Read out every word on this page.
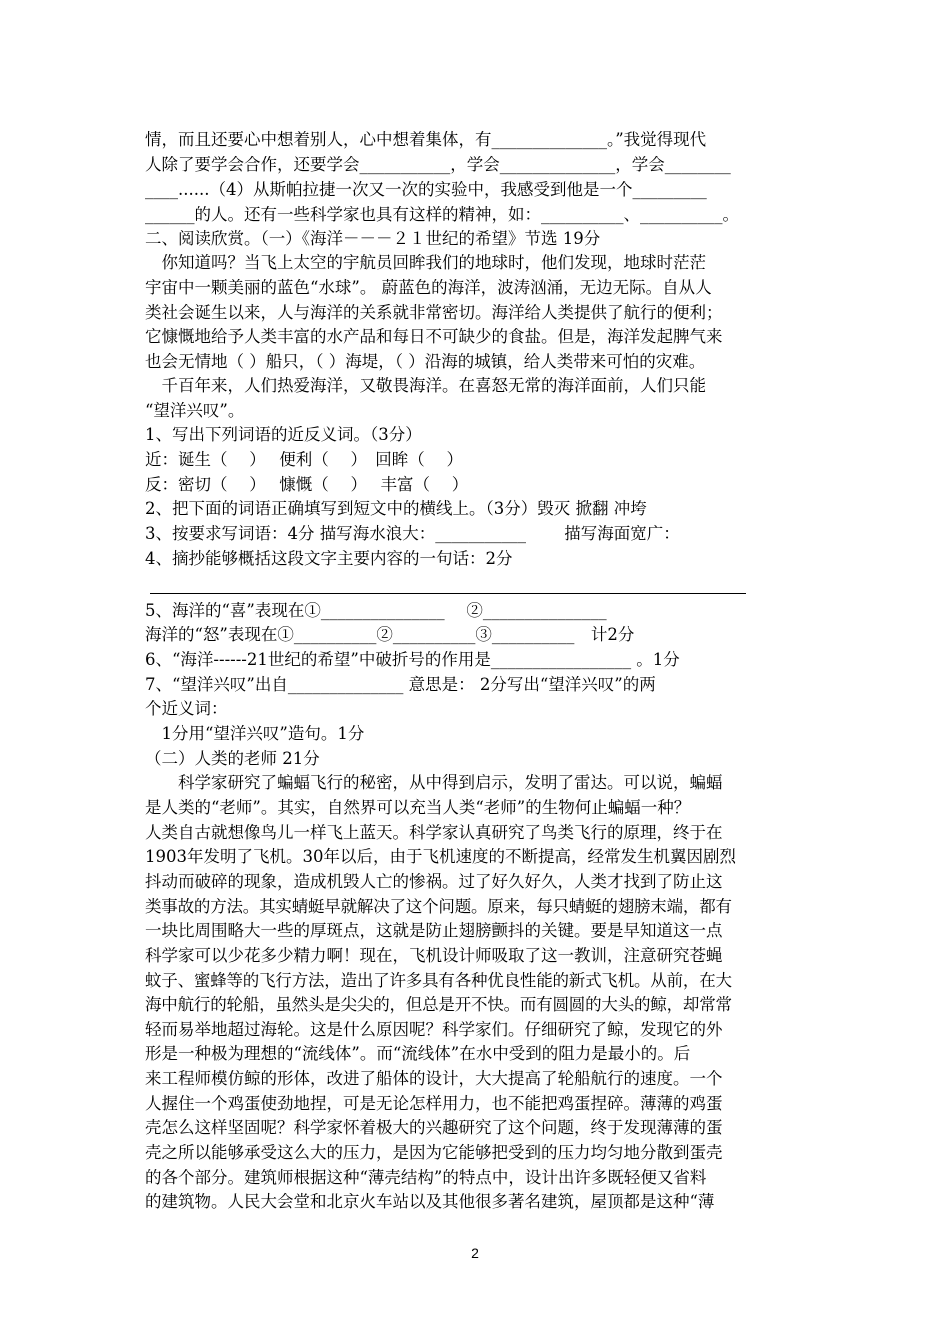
情，而且还要心中想着别人，心中想着集体，有______________。”我觉得现代
人除了要学会合作，还要学会___________，学会______________，学会________
____......（4）从斯帕拉捷一次又一次的实验中，我感受到他是一个_________
______的人。还有一些科学家也具有这样的精神，如：__________、__________。
二、阅读欣赏。（一）《海洋－－－２１世纪的希望》节选 19分
　你知道吗？当飞上太空的宇航员回眸我们的地球时，他们发现，地球时茫茫
宇宙中一颗美丽的蓝色“水球”。 蔚蓝色的海洋，波涛汹涌，无边无际。自从人
类社会诞生以来，人与海洋的关系就非常密切。海洋给人类提供了航行的便利；
它慷慨地给予人类丰富的水产品和每日不可缺少的食盐。但是，海洋发起脾气来
也会无情地（ ）船只，（ ）海堤，（ ）沿海的城镇，给人类带来可怕的灾难。
　千百年来，人们热爱海洋，又敬畏海洋。在喜怒无常的海洋面前，人们只能
“望洋兴叹”。
1、写出下列词语的近反义词。（3分）
近：诞生（　 ）　 便利（　 ）　回眸（　 ）
反：密切（　 ）　 慷慨（　 ）　 丰富（　 ）
2、把下面的词语正确填写到短文中的横线上。（3分）毁灭 掀翻 冲垮
3、按要求写词语：4分 描写海水浪大：___________　　 描写海面宽广：
4、摘抄能够概括这段文字主要内容的一句话：2分
5、海洋的“喜”表现在①_______________　 ②_______________
海洋的“怒”表现在①__________②__________③__________　计2分
6、“海洋------21世纪的希望”中破折号的作用是_________________ 。1分
7、“望洋兴叹”出自______________ 意思是： 2分写出“望洋兴叹”的两
个近义词：
　1分用“望洋兴叹”造句。1分
（二）人类的老师 21分
　　科学家研究了蝙蝠飞行的秘密，从中得到启示，发明了雷达。可以说，蝙蝠
是人类的“老师”。其实，自然界可以充当人类“老师”的生物何止蝙蝠一种？
人类自古就想像鸟儿一样飞上蓝天。科学家认真研究了鸟类飞行的原理，终于在
1903年发明了飞机。30年以后，由于飞机速度的不断提高，经常发生机翼因剧烈
抖动而破碎的现象，造成机毁人亡的惨祸。过了好久好久，人类才找到了防止这
类事故的方法。其实蜻蜓早就解决了这个问题。原来，每只蜻蜓的翅膀末端，都有
一块比周围略大一些的厚斑点，这就是防止翅膀颤抖的关键。要是早知道这一点
科学家可以少花多少精力啊！现在，飞机设计师吸取了这一教训，注意研究苍蝇
蚊子、蜜蜂等的飞行方法，造出了许多具有各种优良性能的新式飞机。从前，在大
海中航行的轮船，虽然头是尖尖的，但总是开不快。而有圆圆的大头的鲸，却常常
轻而易举地超过海轮。这是什么原因呢？科学家们。仔细研究了鲸，发现它的外
形是一种极为理想的“流线体”。而“流线体”在水中受到的阻力是最小的。后
来工程师模仿鲸的形体，改进了船体的设计，大大提高了轮船航行的速度。一个
人握住一个鸡蛋使劲地捏，可是无论怎样用力，也不能把鸡蛋捏碎。薄薄的鸡蛋
壳怎么这样坚固呢？科学家怀着极大的兴趣研究了这个问题，终于发现薄薄的蛋
壳之所以能够承受这么大的压力，是因为它能够把受到的压力均匀地分散到蛋壳
的各个部分。建筑师根据这种“薄壳结构”的特点中，设计出许多既轻便又省料
的建筑物。人民大会堂和北京火车站以及其他很多著名建筑，屋顶都是这种“薄
2
